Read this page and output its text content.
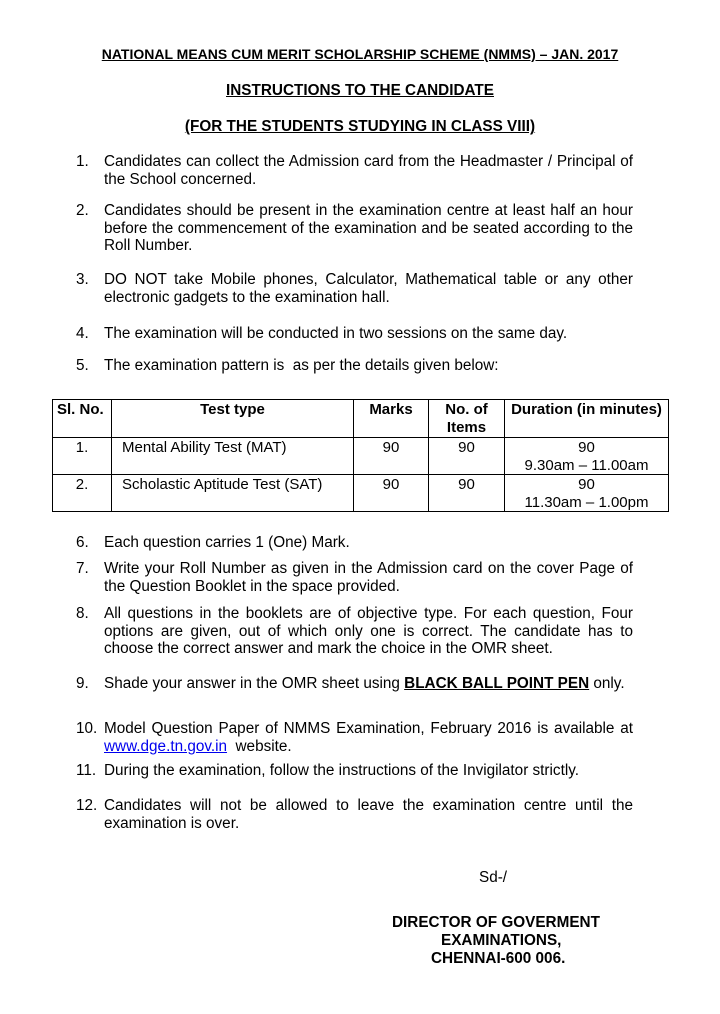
NATIONAL MEANS CUM MERIT SCHOLARSHIP SCHEME (NMMS) – JAN. 2017
INSTRUCTIONS TO THE CANDIDATE
(FOR THE STUDENTS STUDYING IN CLASS VIII)
1. Candidates can collect the Admission card from the Headmaster / Principal of the School concerned.
2. Candidates should be present in the examination centre at least half an hour before the commencement of the examination and be seated according to the Roll Number.
3. DO NOT take Mobile phones, Calculator, Mathematical table or any other electronic gadgets to the examination hall.
4. The examination will be conducted in two sessions on the same day.
5. The examination pattern is  as per the details given below:
Sl. No.	Test type	Marks	No. of Items	Duration (in minutes)
1.	Mental Ability Test (MAT)	90	90	90
9.30am – 11.00am

2.	Scholastic Aptitude Test (SAT)	90	90	90
11.30am – 1.00pm
6. Each question carries 1 (One) Mark.
7. Write your Roll Number as given in the Admission card on the cover Page of the Question Booklet in the space provided.
8. All questions in the booklets are of objective type. For each question, Four options are given, out of which only one is correct. The candidate has to choose the correct answer and mark the choice in the OMR sheet.
9. Shade your answer in the OMR sheet using BLACK BALL POINT PEN only.
10. Model Question Paper of NMMS Examination, February 2016 is available at www.dge.tn.gov.in  website.
11. During the examination, follow the instructions of the Invigilator strictly.
12. Candidates will not be allowed to leave the examination centre until the examination is over.
Sd-/
DIRECTOR OF GOVERMENT
EXAMINATIONS,
CHENNAI-600 006.
